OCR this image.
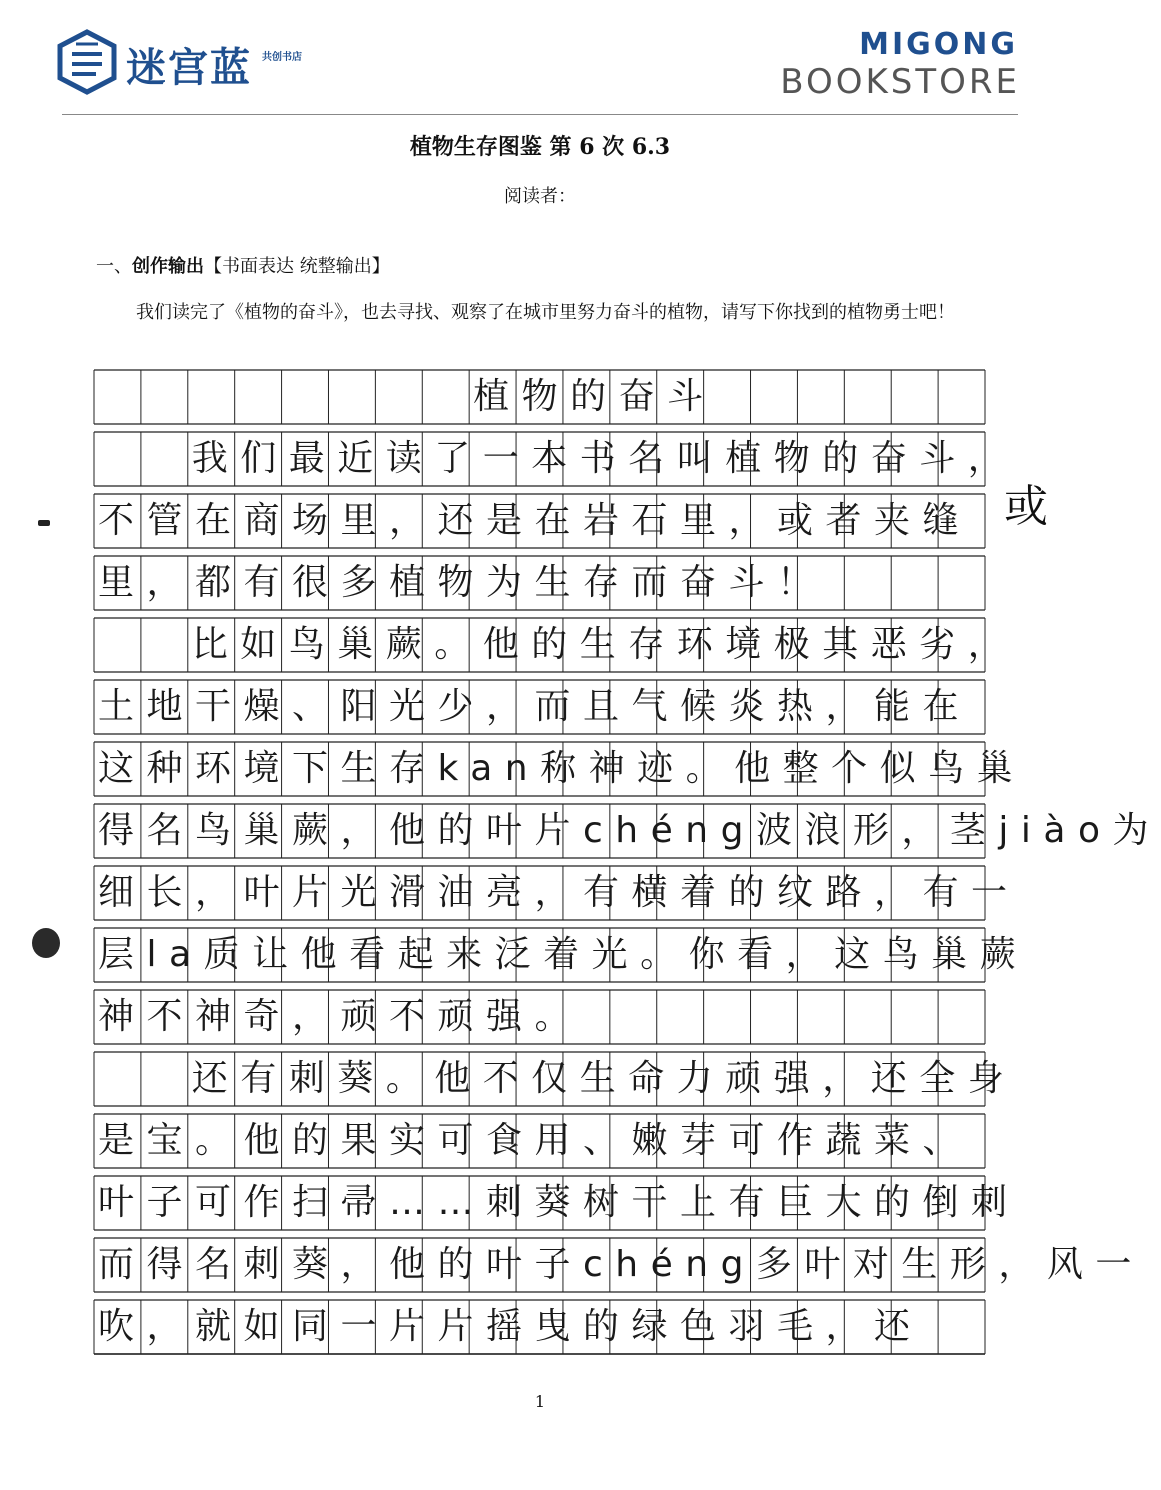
迷宫蓝 共创书店	MIGONG
BOOKSTORE
植物生存图鉴 第 6 次 6.3
阅读者：
一、创作输出【书面表达 统整输出】
我们读完了《植物的奋斗》，也去寻找、观察了在城市里努力奋斗的植物，请写下你找到的植物勇士吧！
植物的奋斗
我们最近读了一本书名叫植物的奋斗，
不管在商场里，还是在岩石里，或者夹缝
里，都有很多植物为生存而奋斗！
比如鸟巢蕨。他的生存环境极其恶劣，
土地干燥、阳光少，而且气候炎热，能在
这种环境下生存kan称神迹。他整个似鸟巢
得名鸟巢蕨，他的叶片chéng波浪形，茎jiào为
细长，叶片光滑油亮，有横着的纹路，有一
层la质让他看起来泛着光。你看，这鸟巢蕨
神不神奇，顽不顽强。
还有刺葵。他不仅生命力顽强，还全身
是宝。他的果实可食用、嫩芽可作蔬菜、
叶子可作扫帚……刺葵树干上有巨大的倒刺
而得名刺葵，他的叶子chéng多叶对生形，风一
吹，就如同一片片摇曳的绿色羽毛，还
或
1
